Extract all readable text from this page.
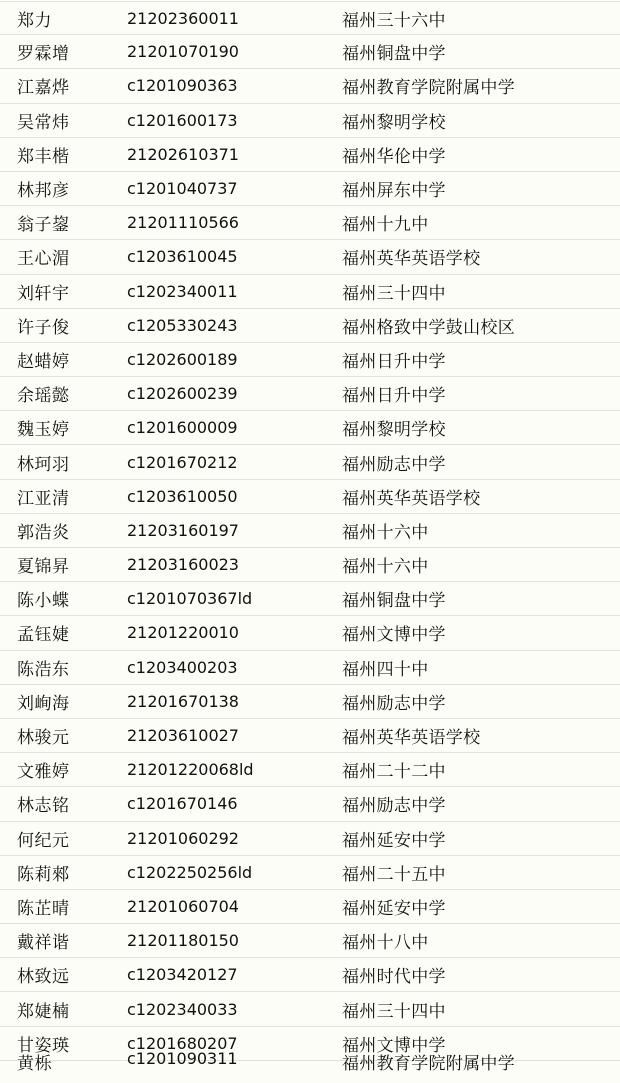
郑力	21202360011	福州三十六中
罗霖增	21201070190	福州铜盘中学
江嘉烨	c1201090363	福州教育学院附属中学
吴常炜	c1201600173	福州黎明学校
郑丰楷	21202610371	福州华伦中学
林邦彦	c1201040737	福州屏东中学
翁子鋆	21201110566	福州十九中
王心湄	c1203610045	福州英华英语学校
刘轩宇	c1202340011	福州三十四中
许子俊	c1205330243	福州格致中学鼓山校区
赵蜡婷	c1202600189	福州日升中学
余瑶懿	c1202600239	福州日升中学
魏玉婷	c1201600009	福州黎明学校
林珂羽	c1201670212	福州励志中学
江亚清	c1203610050	福州英华英语学校
郭浩炎	21203160197	福州十六中
夏锦昇	21203160023	福州十六中
陈小蝶	c1201070367ld	福州铜盘中学
孟钰婕	21201220010	福州文博中学
陈浩东	c1203400203	福州四十中
刘峋海	21201670138	福州励志中学
林骏元	21203610027	福州英华英语学校
文雅婷	21201220068ld	福州二十二中
林志铭	c1201670146	福州励志中学
何纪元	21201060292	福州延安中学
陈莉郲	c1202250256ld	福州二十五中
陈芷晴	21201060704	福州延安中学
戴祥谐	21201180150	福州十八中
林致远	c1203420127	福州时代中学
郑婕楠	c1202340033	福州三十四中
甘姿瑛	c1201680207	福州文博中学
黄栎	c1201090311	福州教育学院附属中学
